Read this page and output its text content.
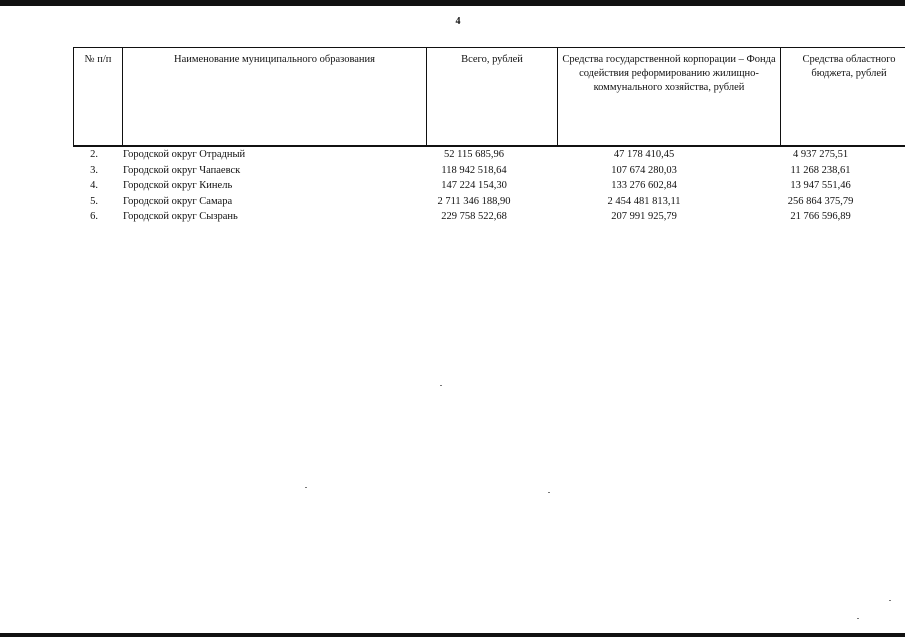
4
№ п/п	Наименование муниципального образования	Всего, рублей	Средства государственной корпорации – Фонда содействия реформированию жилищно-коммунального хозяйства, рублей	Средства областного бюджета, рублей
2.	Городской округ Отрадный	52 115 685,96	47 178 410,45	4 937 275,51
3.	Городской округ Чапаевск	118 942 518,64	107 674 280,03	11 268 238,61
4.	Городской округ Кинель	147 224 154,30	133 276 602,84	13 947 551,46
5.	Городской округ Самара	2 711 346 188,90	2 454 481 813,11	256 864 375,79
6.	Городской округ Сызрань	229 758 522,68	207 991 925,79	21 766 596,89
